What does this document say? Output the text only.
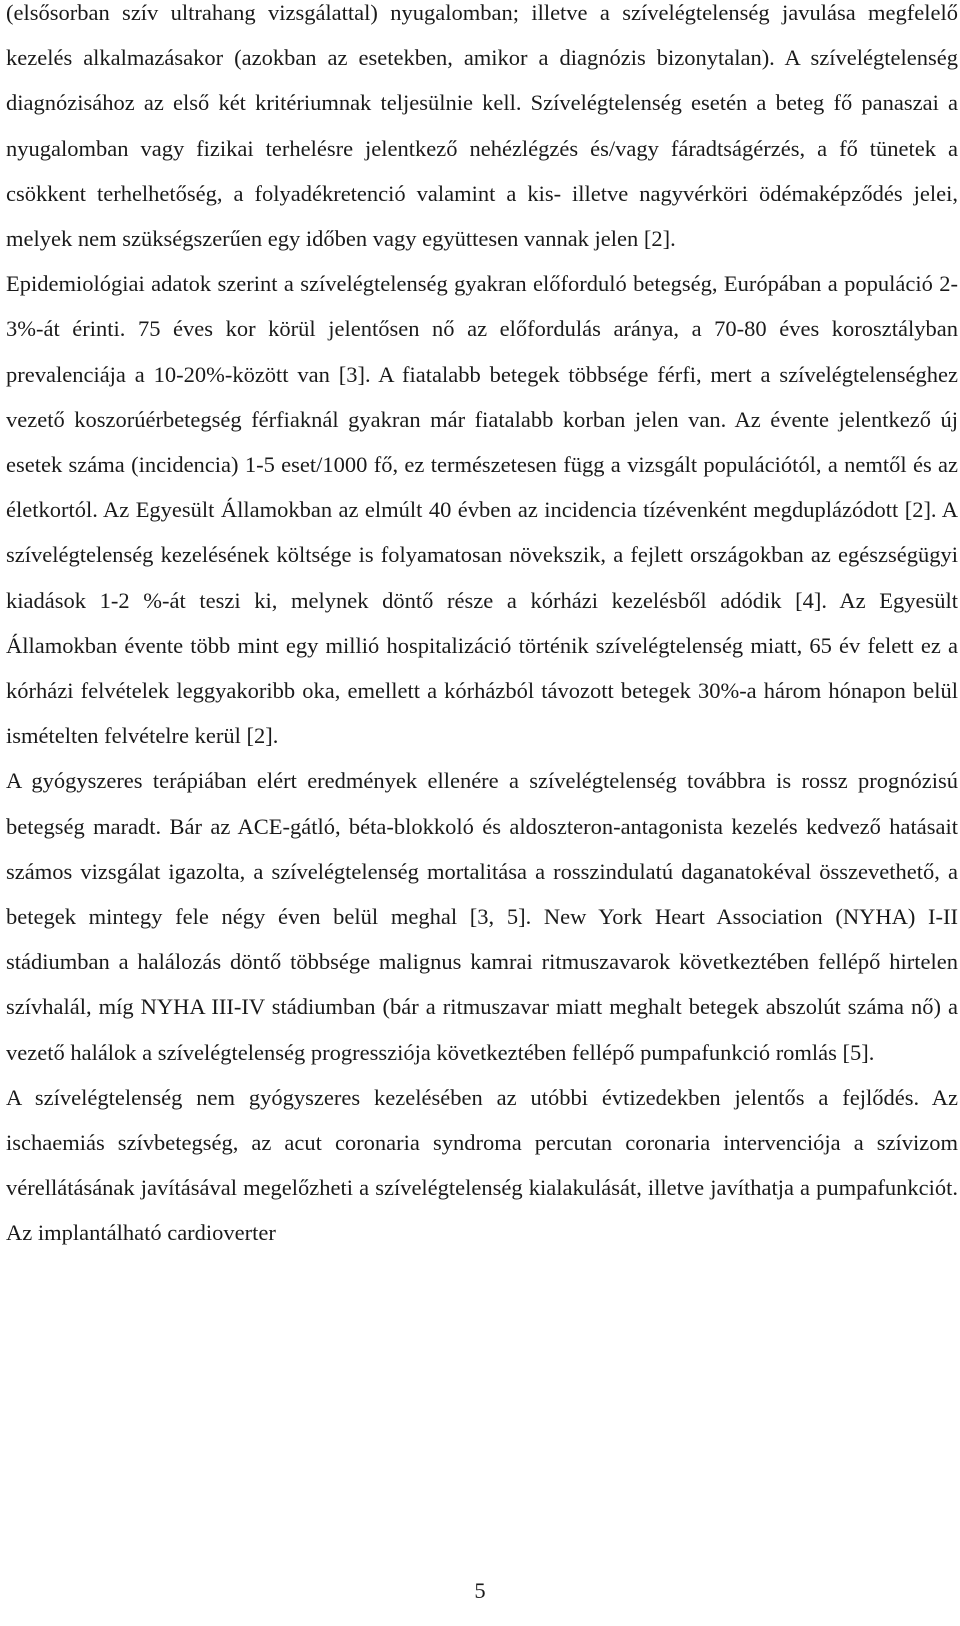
(elsősorban szív ultrahang vizsgálattal) nyugalomban; illetve a szívelégtelenség javulása megfelelő kezelés alkalmazásakor (azokban az esetekben, amikor a diagnózis bizonytalan). A szívelégtelenség diagnózisához az első két kritériumnak teljesülnie kell. Szívelégtelenség esetén a beteg fő panaszai a nyugalomban vagy fizikai terhelésre jelentkező nehézlégzés és/vagy fáradtságérzés, a fő tünetek a csökkent terhelhetőség, a folyadékretenció valamint a kis- illetve nagyvérköri ödémaképződés jelei, melyek nem szükségszerűen egy időben vagy együttesen vannak jelen [2].

Epidemiológiai adatok szerint a szívelégtelenség gyakran előforduló betegség, Európában a populáció 2-3%-át érinti. 75 éves kor körül jelentősen nő az előfordulás aránya, a 70-80 éves korosztályban prevalenciája a 10-20%-között van [3]. A fiatalabb betegek többsége férfi, mert a szívelégtelenséghez vezető koszorúérbetegség férfiaknál gyakran már fiatalabb korban jelen van. Az évente jelentkező új esetek száma (incidencia) 1-5 eset/1000 fő, ez természetesen függ a vizsgált populációtól, a nemtől és az életkortól. Az Egyesült Államokban az elmúlt 40 évben az incidencia tízévenként megduplázódott [2]. A szívelégtelenség kezelésének költsége is folyamatosan növekszik, a fejlett országokban az egészségügyi kiadások 1-2 %-át teszi ki, melynek döntő része a kórházi kezelésből adódik [4]. Az Egyesült Államokban évente több mint egy millió hospitalizáció történik szívelégtelenség miatt, 65 év felett ez a kórházi felvételek leggyakoribb oka, emellett a kórházból távozott betegek 30%-a három hónapon belül ismételten felvételre kerül [2].

A gyógyszeres terápiában elért eredmények ellenére a szívelégtelenség továbbra is rossz prognózisú betegség maradt. Bár az ACE-gátló, béta-blokkoló és aldoszteron-antagonista kezelés kedvező hatásait számos vizsgálat igazolta, a szívelégtelenség mortalitása a rosszindulatú daganatokéval összevethető, a betegek mintegy fele négy éven belül meghal [3, 5]. New York Heart Association (NYHA) I-II stádiumban a halálozás döntő többsége malignus kamrai ritmuszavarok következtében fellépő hirtelen szívhalál, míg NYHA III-IV stádiumban (bár a ritmuszavar miatt meghalt betegek abszolút száma nő) a vezető halálok a szívelégtelenség progressziója következtében fellépő pumpafunkció romlás [5].

A szívelégtelenség nem gyógyszeres kezelésében az utóbbi évtizedekben jelentős a fejlődés. Az ischaemiás szívbetegség, az acut coronaria syndroma percutan coronaria intervenciója a szívizom vérellátásának javításával megelőzheti a szívelégtelenség kialakulását, illetve javíthatja a pumpafunkciót. Az implantálható cardioverter

5
